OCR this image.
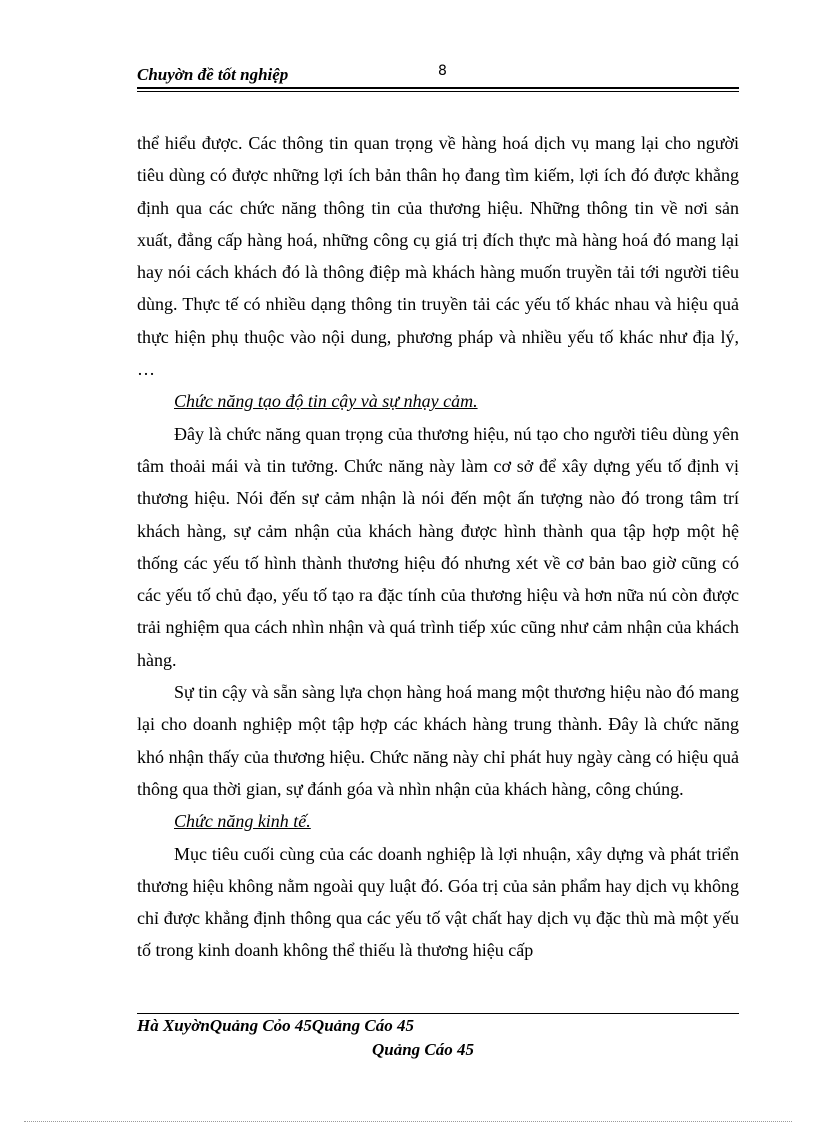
Chuyờn đề tốt nghiệp	8

thể hiểu được. Các thông tin quan trọng về hàng hoá dịch vụ mang lại cho người tiêu dùng có được những lợi ích bản thân họ đang tìm kiếm, lợi ích đó được khẳng định qua các chức năng thông tin của thương hiệu. Những thông tin về nơi sản xuất, đẳng cấp hàng hoá, những công cụ giá trị đích thực mà hàng hoá đó mang lại hay nói cách khách đó là thông điệp mà khách hàng muốn truyền tải tới người tiêu dùng. Thực tế có nhiều dạng thông tin truyền tải các yếu tố khác nhau và hiệu quả thực hiện phụ thuộc vào nội dung, phương pháp và nhiều yếu tố khác như địa lý, …

Chức năng tạo độ tin cậy và sự nhạy cảm.

Đây là chức năng quan trọng của thương hiệu, nú tạo cho người tiêu dùng yên tâm thoải mái và tin tưởng. Chức năng này làm cơ sở để xây dựng yếu tố định vị thương hiệu. Nói đến sự cảm nhận là nói đến một ấn tượng nào đó trong tâm trí khách hàng, sự cảm nhận của khách hàng được hình thành qua tập hợp một hệ thống các yếu tố hình thành thương hiệu đó nhưng xét về cơ bản bao giờ cũng có các yếu tố chủ đạo, yếu tố tạo ra đặc tính của thương hiệu và hơn nữa nú còn được trải nghiệm qua cách nhìn nhận và quá trình tiếp xúc cũng như cảm nhận của khách hàng.

Sự tin cậy và sẵn sàng lựa chọn hàng hoá mang một thương hiệu nào đó mang lại cho doanh nghiệp một tập hợp các khách hàng trung thành. Đây là chức năng khó nhận thấy của thương hiệu. Chức năng này chỉ phát huy ngày càng có hiệu quả thông qua thời gian, sự đánh góa và nhìn nhận của khách hàng, công chúng.

Chức năng kinh tế.

Mục tiêu cuối cùng của các doanh nghiệp là lợi nhuận, xây dựng và phát triển thương hiệu không nằm ngoài quy luật đó. Góa trị của sản phẩm hay dịch vụ không chỉ được khẳng định thông qua các yếu tố vật chất hay dịch vụ đặc thù mà một yếu tố trong kinh doanh không thể thiếu là thương hiệu cấp

Hà XuyờnQuảng Cỏo 45Quảng Cáo 45
Quảng Cáo 45
